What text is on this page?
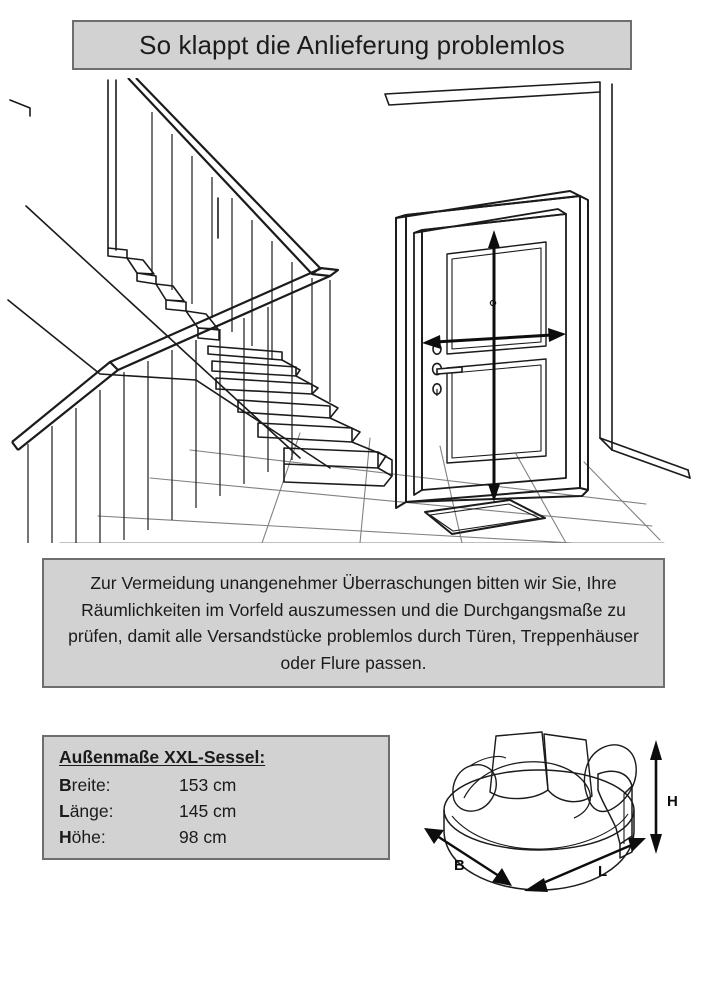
So klappt die Anlieferung problemlos
Zur Vermeidung unangenehmer Überraschungen bitten wir Sie, Ihre Räumlichkeiten im Vorfeld auszumessen und die Durchgangsmaße zu prüfen, damit alle Versandstücke problemlos durch Türen, Treppenhäuser oder Flure passen.
Außenmaße XXL-Sessel:
Breite:	153 cm
Länge:	145 cm
Höhe:	98 cm
H
B	L
